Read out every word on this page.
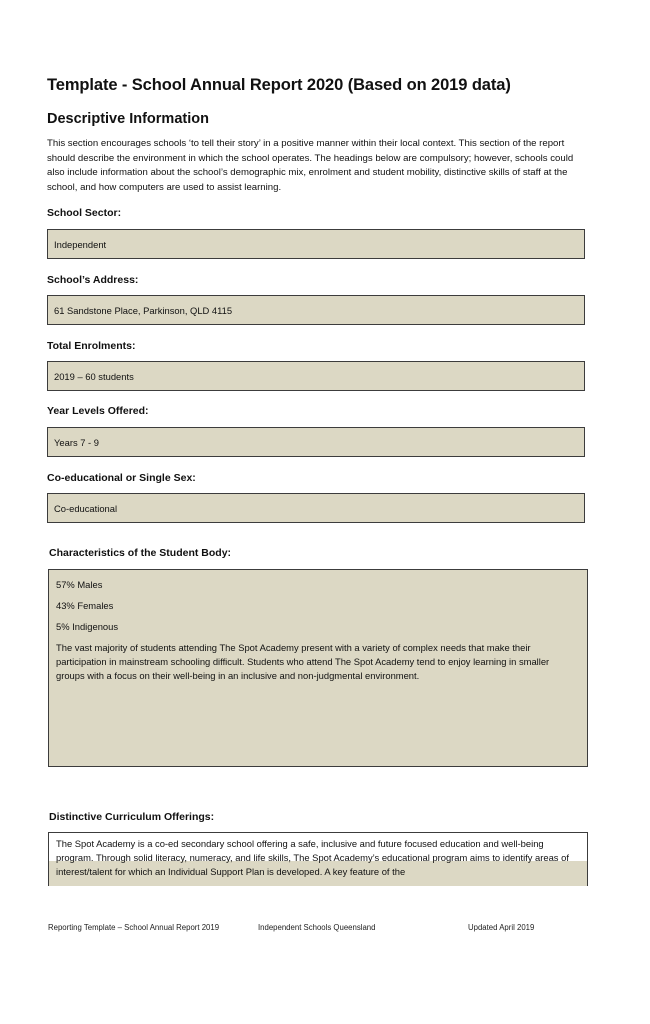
Template - School Annual Report 2020 (Based on 2019 data)
Descriptive Information
This section encourages schools ‘to tell their story’ in a positive manner within their local context. This section of the report should describe the environment in which the school operates. The headings below are compulsory; however, schools could also include information about the school’s demographic mix, enrolment and student mobility, distinctive skills of staff at the school, and how computers are used to assist learning.
School Sector:
Independent
School’s Address:
61 Sandstone Place, Parkinson, QLD 4115
Total Enrolments:
2019 – 60 students
Year Levels Offered:
Years 7 - 9
Co-educational or Single Sex:
Co-educational
Characteristics of the Student Body:
57% Males
43% Females
5% Indigenous
The vast majority of students attending The Spot Academy present with a variety of complex needs that make their participation in mainstream schooling difficult. Students who attend The Spot Academy tend to enjoy learning in smaller groups with a focus on their well-being in an inclusive and non-judgmental environment.
Distinctive Curriculum Offerings:
The Spot Academy is a co-ed secondary school offering a safe, inclusive and future focused education and well-being program. Through solid literacy, numeracy, and life skills, The Spot Academy’s educational program aims to identify areas of interest/talent for which an Individual Support Plan is developed. A key feature of the
Reporting Template – School Annual Report 2019	Independent Schools Queensland	Updated April 2019
